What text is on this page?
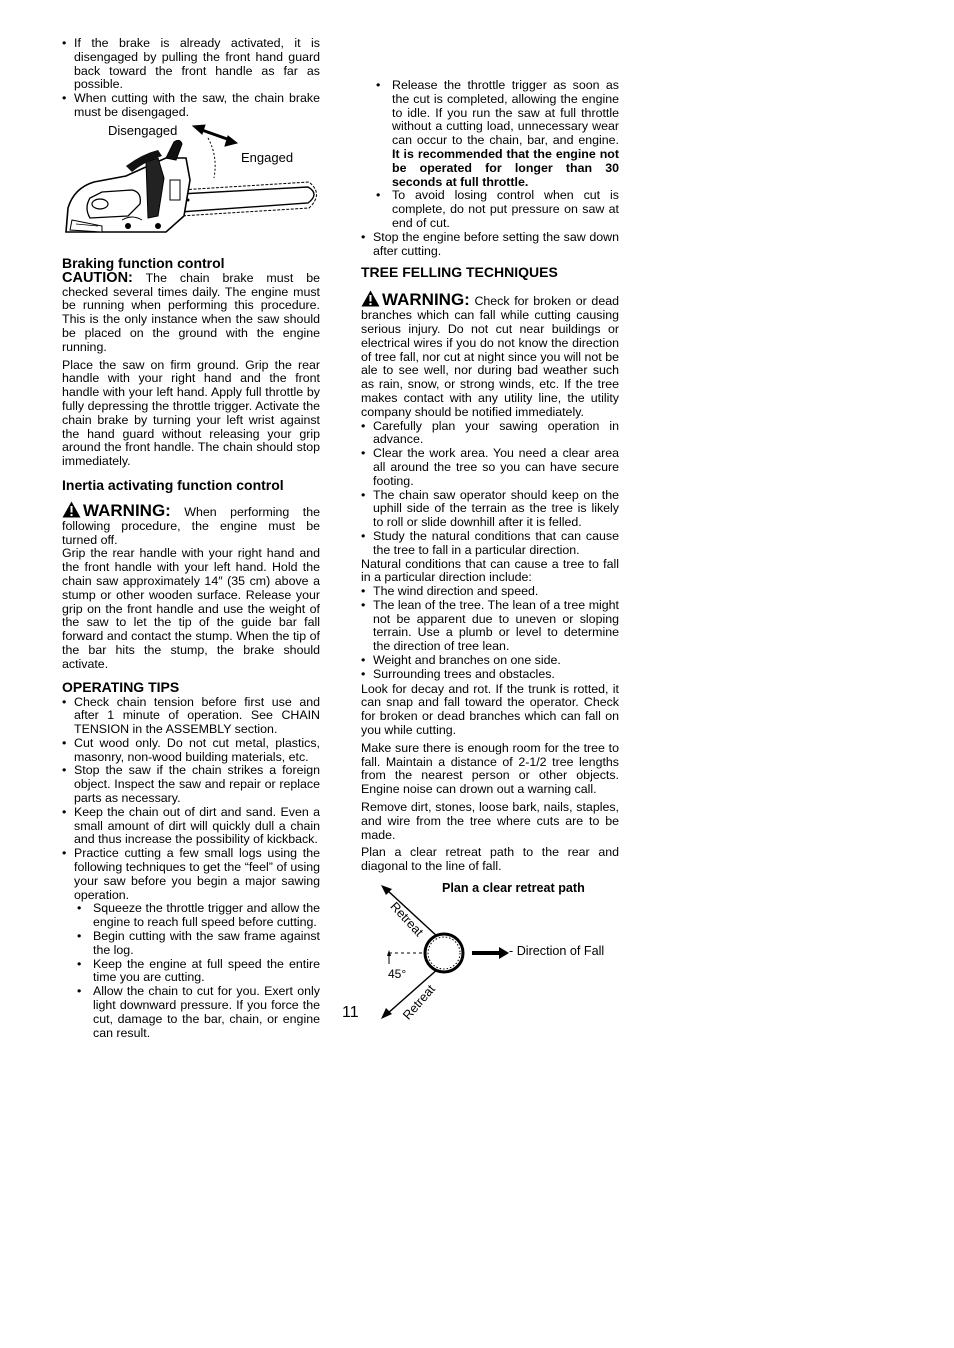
• If the brake is already activated, it is disengaged by pulling the front hand guard back toward the front handle as far as possible.
• When cutting with the saw, the chain brake must be disengaged.
Disengaged
Engaged
Braking function control

CAUTION: The chain brake must be checked several times daily. The engine must be running when performing this procedure. This is the only instance when the saw should be placed on the ground with the engine running.

Place the saw on firm ground. Grip the rear handle with your right hand and the front handle with your left hand. Apply full throttle by fully depressing the throttle trigger. Activate the chain brake by turning your left wrist against the hand guard without releasing your grip around the front handle. The chain should stop immediately.

Inertia activating function control

WARNING: When performing the following procedure, the engine must be turned off.

Grip the rear handle with your right hand and the front handle with your left hand. Hold the chain saw approximately 14″ (35 cm) above a stump or other wooden surface. Release your grip on the front handle and use the weight of the saw to let the tip of the guide bar fall forward and contact the stump. When the tip of the bar hits the stump, the brake should activate.

OPERATING TIPS
• Check chain tension before first use and after 1 minute of operation. See CHAIN TENSION in the ASSEMBLY section.
• Cut wood only. Do not cut metal, plastics, masonry, non-wood building materials, etc.
• Stop the saw if the chain strikes a foreign object. Inspect the saw and repair or replace parts as necessary.
• Keep the chain out of dirt and sand. Even a small amount of dirt will quickly dull a chain and thus increase the possibility of kickback.
• Practice cutting a few small logs using the following techniques to get the “feel” of using your saw before you begin a major sawing operation.
• Squeeze the throttle trigger and allow the engine to reach full speed before cutting.
• Begin cutting with the saw frame against the log.
• Keep the engine at full speed the entire time you are cutting.
• Allow the chain to cut for you. Exert only light downward pressure. If you force the cut, damage to the bar, chain, or engine can result.
• Release the throttle trigger as soon as the cut is completed, allowing the engine to idle. If you run the saw at full throttle without a cutting load, unnecessary wear can occur to the chain, bar, and engine. It is recommended that the engine not be operated for longer than 30 seconds at full throttle.
• To avoid losing control when cut is complete, do not put pressure on saw at end of cut.
• Stop the engine before setting the saw down after cutting.
TREE FELLING TECHNIQUES

WARNING: Check for broken or dead branches which can fall while cutting causing serious injury. Do not cut near buildings or electrical wires if you do not know the direction of tree fall, nor cut at night since you will not be ale to see well, nor during bad weather such as rain, snow, or strong winds, etc. If the tree makes contact with any utility line, the utility company should be notified immediately.

• Carefully plan your sawing operation in advance.
• Clear the work area. You need a clear area all around the tree so you can have secure footing.
• The chain saw operator should keep on the uphill side of the terrain as the tree is likely to roll or slide downhill after it is felled.
• Study the natural conditions that can cause the tree to fall in a particular direction.

Natural conditions that can cause a tree to fall in a particular direction include:

• The wind direction and speed.
• The lean of the tree. The lean of a tree might not be apparent due to uneven or sloping terrain. Use a plumb or level to determine the direction of tree lean.
• Weight and branches on one side.
• Surrounding trees and obstacles.

Look for decay and rot. If the trunk is rotted, it can snap and fall toward the operator. Check for broken or dead branches which can fall on you while cutting.

Make sure there is enough room for the tree to fall. Maintain a distance of 2-1/2 tree lengths from the nearest person or other objects. Engine noise can drown out a warning call.

Remove dirt, stones, loose bark, nails, staples, and wire from the tree where cuts are to be made.

Plan a clear retreat path to the rear and diagonal to the line of fall.

Plan a clear retreat path
Retreat
Retreat
- Direction of Fall
45°
11
